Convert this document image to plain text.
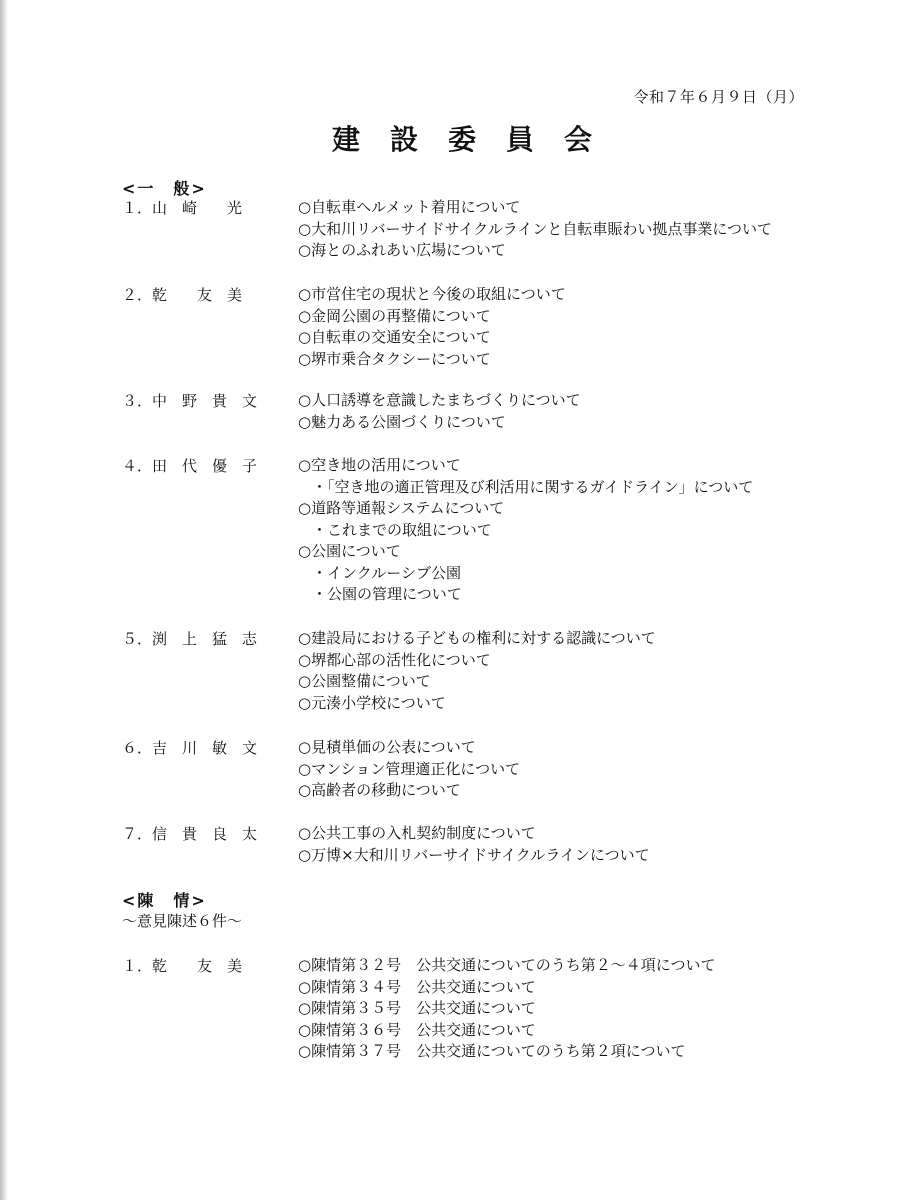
令和７年６月９日（月）
建設委員会
<一　般>
１．山　崎　　光	○自転車ヘルメット着用について
○大和川リバーサイドサイクルラインと自転車賑わい拠点事業について
○海とのふれあい広場について
２．乾　　友　美	○市営住宅の現状と今後の取組について
○金岡公園の再整備について
○自転車の交通安全について
○堺市乗合タクシーについて
３．中　野　貴　文	○人口誘導を意識したまちづくりについて
○魅力ある公園づくりについて
４．田　代　優　子	○空き地の活用について
・「空き地の適正管理及び利活用に関するガイドライン」について
○道路等通報システムについて
・これまでの取組について
○公園について
・インクルーシブ公園
・公園の管理について
５．渕　上　猛　志	○建設局における子どもの権利に対する認識について
○堺都心部の活性化について
○公園整備について
○元湊小学校について
６．吉　川　敏　文	○見積単価の公表について
○マンション管理適正化について
○高齢者の移動について
７．信　貴　良　太	○公共工事の入札契約制度について
○万博×大和川リバーサイドサイクルラインについて
<陳　情>
〜意見陳述６件〜
１．乾　　友　美	○陳情第３２号　公共交通についてのうち第２〜４項について
○陳情第３４号　公共交通について
○陳情第３５号　公共交通について
○陳情第３６号　公共交通について
○陳情第３７号　公共交通についてのうち第２項について
